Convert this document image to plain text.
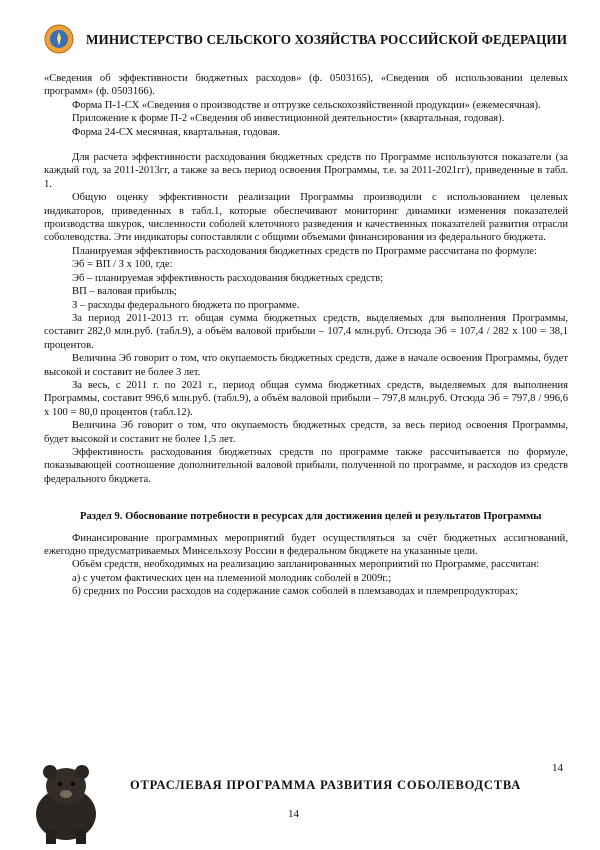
МИНИСТЕРСТВО СЕЛЬСКОГО ХОЗЯЙСТВА РОССИЙСКОЙ ФЕДЕРАЦИИ

«Сведения об эффективности бюджетных расходов» (ф. 0503165), «Сведения об использовании целевых программ» (ф. 0503166).

Форма П-1-СХ «Сведения о производстве и отгрузке сельскохозяйственной продукции» (ежемесячная).

Приложение к форме П-2 «Сведения об инвестиционной деятельности» (квартальная, годовая).

Форма 24-СХ месячная, квартальная, годовая.

Для расчета эффективности расходования бюджетных средств по Программе используются показатели (за каждый год, за 2011-2013гг, а также за весь период освоения Программы, т.е. за 2011-2021гг), приведенные в табл. 1.

Общую оценку эффективности реализации Программы производили с использованием целевых индикаторов, приведенных в табл.1, которые обеспечивают мониторинг динамики изменения показателей производства шкурок, численности соболей клеточного разведения и качественных показателей развития отрасли соболеводства. Эти индикаторы сопоставляли с общими объемами финансирования из федерального бюджета.

Планируемая эффективность расходования бюджетных средств по Программе рассчитана по формуле:

Эб = ВП / З х 100, где:

Эб – планируемая эффективность расходования бюджетных средств;

ВП – валовая прибыль;

З – расходы федерального бюджета по программе.

За период 2011-2013 гг. общая сумма бюджетных средств, выделяемых для выполнения Программы, составит 282,0 млн.руб. (табл.9), а объём валовой прибыли – 107,4 млн.руб. Отсюда Эб = 107,4 / 282 х 100 = 38,1 процентов.

Величина Эб говорит о том, что окупаемость бюджетных средств, даже в начале освоения Программы, будет высокой и составит не более 3 лет.

За весь, с 2011 г. по 2021 г., период общая сумма бюджетных средств, выделяемых для выполнения Программы, составит 996,6 млн.руб. (табл.9), а объём валовой прибыли – 797,8 млн.руб. Отсюда Эб = 797,8 / 996,6 х 100 = 80,0 процентов (табл.12).

Величина Эб говорит о том, что окупаемость бюджетных средств, за весь период освоения Программы, будет высокой и составит не более 1,5 лет.

Эффективность расходования бюджетных средств по программе также рассчитывается по формуле, показывающей соотношение дополнительной валовой прибыли, полученной по программе, и расходов из средств федерального бюджета.

Раздел 9. Обоснование потребности в ресурсах для достижения целей и результатов Программы

Финансирование программных мероприятий будет осуществляться за счёт бюджетных ассигнований, ежегодно предусматриваемых Минсельхозу России в федеральном бюджете на указанные цели.

Объём средств, необходимых на реализацию запланированных мероприятий по Программе, рассчитан:

а) с учетом фактических цен на племенной молодняк соболей в 2009г.;

б) средних по России расходов на содержание самок соболей в племзаводах и племрепродукторах;

14
ОТРАСЛЕВАЯ ПРОГРАММА РАЗВИТИЯ СОБОЛЕВОДСТВА
14
